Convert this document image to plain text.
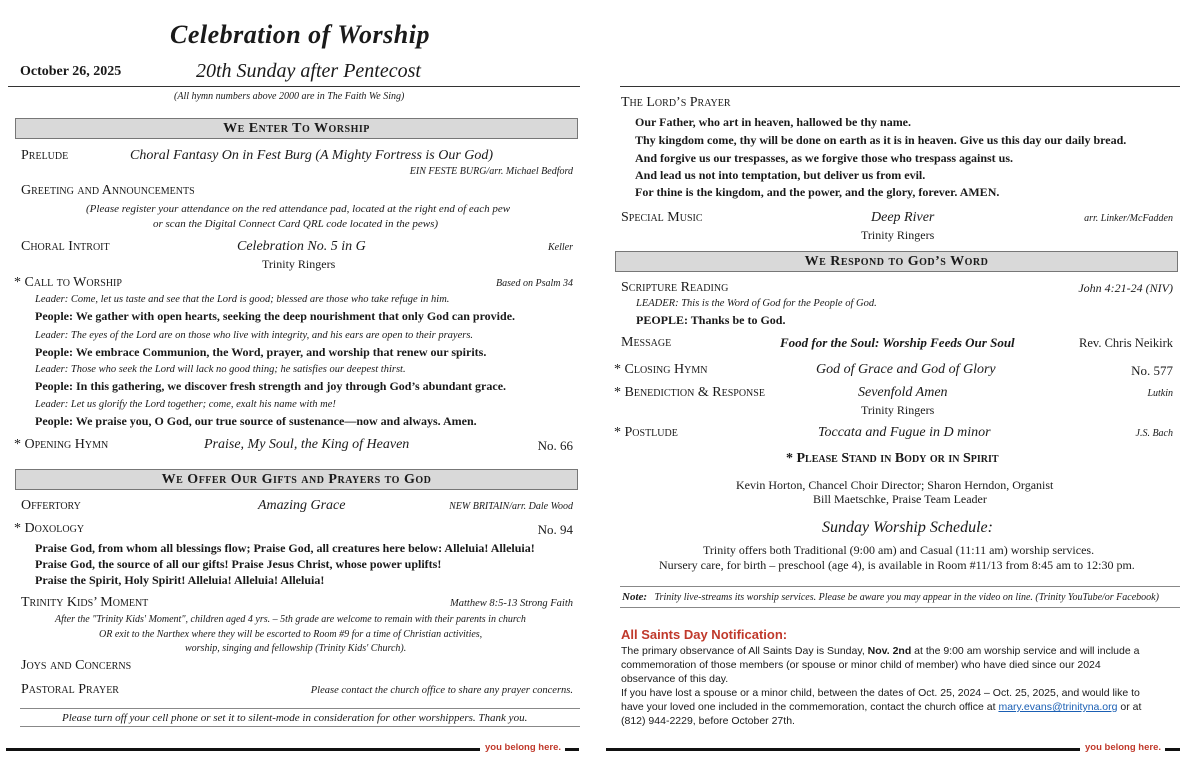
Celebration of Worship
October 26, 2025	20th Sunday after Pentecost
(All hymn numbers above 2000 are in The Faith We Sing)
We Enter To Worship
Prelude	Choral Fantasy On in Fest Burg (A Mighty Fortress is Our God)
EIN FESTE BURG/arr. Michael Bedford
Greeting and Announcements
(Please register your attendance on the red attendance pad, located at the right end of each pew
or scan the Digital Connect Card QRL code located in the pews)
Choral Introit	Celebration No. 5 in G	Keller
Trinity Ringers
* Call to Worship	Based on Psalm 34
Leader: Come, let us taste and see that the Lord is good; blessed are those who take refuge in him.
People: We gather with open hearts, seeking the deep nourishment that only God can provide.
Leader: The eyes of the Lord are on those who live with integrity, and his ears are open to their prayers.
People: We embrace Communion, the Word, prayer, and worship that renew our spirits.
Leader: Those who seek the Lord will lack no good thing; he satisfies our deepest thirst.
People: In this gathering, we discover fresh strength and joy through God’s abundant grace.
Leader: Let us glorify the Lord together; come, exalt his name with me!
People: We praise you, O God, our true source of sustenance—now and always. Amen.
* Opening Hymn	Praise, My Soul, the King of Heaven	No. 66
We Offer Our Gifts and Prayers to God
Offertory	Amazing Grace	NEW BRITAIN/arr. Dale Wood
* Doxology	No. 94
Praise God, from whom all blessings flow; Praise God, all creatures here below: Alleluia! Alleluia!
Praise God, the source of all our gifts! Praise Jesus Christ, whose power uplifts!
Praise the Spirit, Holy Spirit! Alleluia! Alleluia! Alleluia!
Trinity Kids’ Moment	Matthew 8:5-13 Strong Faith
After the "Trinity Kids' Moment", children aged 4 yrs. – 5th grade are welcome to remain with their parents in church
OR exit to the Narthex where they will be escorted to Room #9 for a time of Christian activities,
worship, singing and fellowship (Trinity Kids' Church).
Joys and Concerns
Pastoral Prayer	Please contact the church office to share any prayer concerns.
Please turn off your cell phone or set it to silent-mode in consideration for other worshippers. Thank you.
you belong here.
The Lord’s Prayer
Our Father, who art in heaven, hallowed be thy name.
Thy kingdom come, thy will be done on earth as it is in heaven. Give us this day our daily bread.
And forgive us our trespasses, as we forgive those who trespass against us.
And lead us not into temptation, but deliver us from evil.
For thine is the kingdom, and the power, and the glory, forever. AMEN.
Special Music	Deep River	arr. Linker/McFadden
Trinity Ringers
We Respond to God’s Word
Scripture Reading	John 4:21-24 (NIV)
LEADER: This is the Word of God for the People of God.
PEOPLE: Thanks be to God.
Message	Food for the Soul: Worship Feeds Our Soul	Rev. Chris Neikirk
* Closing Hymn	God of Grace and God of Glory	No. 577
* Benediction & Response	Sevenfold Amen	Lutkin
Trinity Ringers
* Postlude	Toccata and Fugue in D minor	J.S. Bach
* Please Stand in Body or in Spirit
Kevin Horton, Chancel Choir Director; Sharon Herndon, Organist
Bill Maetschke, Praise Team Leader
Sunday Worship Schedule:
Trinity offers both Traditional (9:00 am) and Casual (11:11 am) worship services.
Nursery care, for birth – preschool (age 4), is available in Room #11/13 from 8:45 am to 12:30 pm.
Note: Trinity live-streams its worship services. Please be aware you may appear in the video on line. (Trinity YouTube/or Facebook)
All Saints Day Notification:
The primary observance of All Saints Day is Sunday, Nov. 2nd at the 9:00 am worship service and will include a
commemoration of those members (or spouse or minor child of member) who have died since our 2024
observance of this day.
If you have lost a spouse or a minor child, between the dates of Oct. 25, 2024 – Oct. 25, 2025, and would like to
have your loved one included in the commemoration, contact the church office at mary.evans@trinityna.org or at
(812) 944-2229, before October 27th.
you belong here.
